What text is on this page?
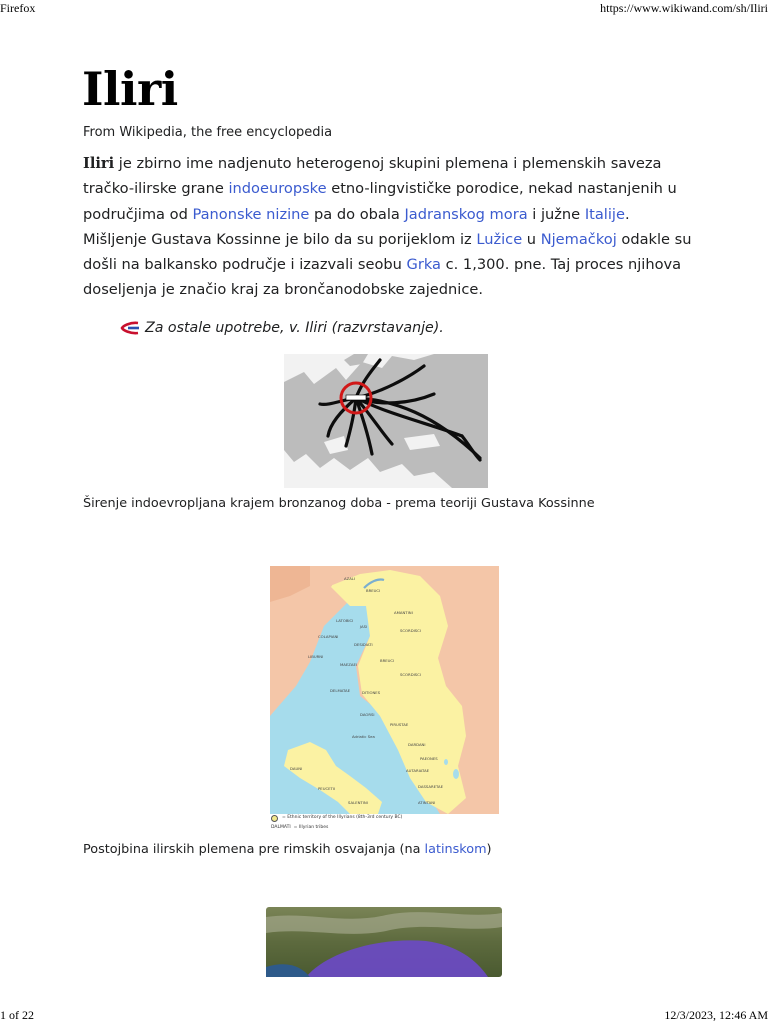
Firefox	https://www.wikiwand.com/sh/Iliri
Iliri
From Wikipedia, the free encyclopedia
Iliri je zbirno ime nadjenuto heterogenoj skupini plemena i plemenskih saveza tračko-ilirske grane indoeuropske etno-lingvističke porodice, nekad nastanjenih u područjima od Panonske nizine pa do obala Jadranskog mora i južne Italije. Mišljenje Gustava Kossinne je bilo da su porijeklom iz Lužice u Njemačkoj odakle su došli na balkansko područje i izazvali seobu Grka c. 1,300. pne. Taj proces njihova doseljenja je značio kraj za brončanodobske zajednice.
Za ostale upotrebe, v. Iliri (razvrstavanje).
Širenje indoevropljana krajem bronzanog doba - prema teoriji Gustava Kossinne
AZALI
BREUCI
LATOBICI
JASI
AMANTINI
COLAPIANI
DESIDIATI
SCORDISCI
LIBURNI
MAEZAEI
BREUCI
DELMATAE	DITIONES
SCORDISCI
DAORSI
PIRUSTAE
Adriatic Sea
DARDANI
PAEONES
AUTARIATAE
DAUNI
PEUCETII
SALENTINI
DASSARETAE
ATINTANI
= Ethnic territory of the Illyrians (8th-3rd century BC)
DALMATI = Illyrian tribes
Postojbina ilirskih plemena pre rimskih osvajanja (na latinskom)
1 of 22	12/3/2023, 12:46 AM
